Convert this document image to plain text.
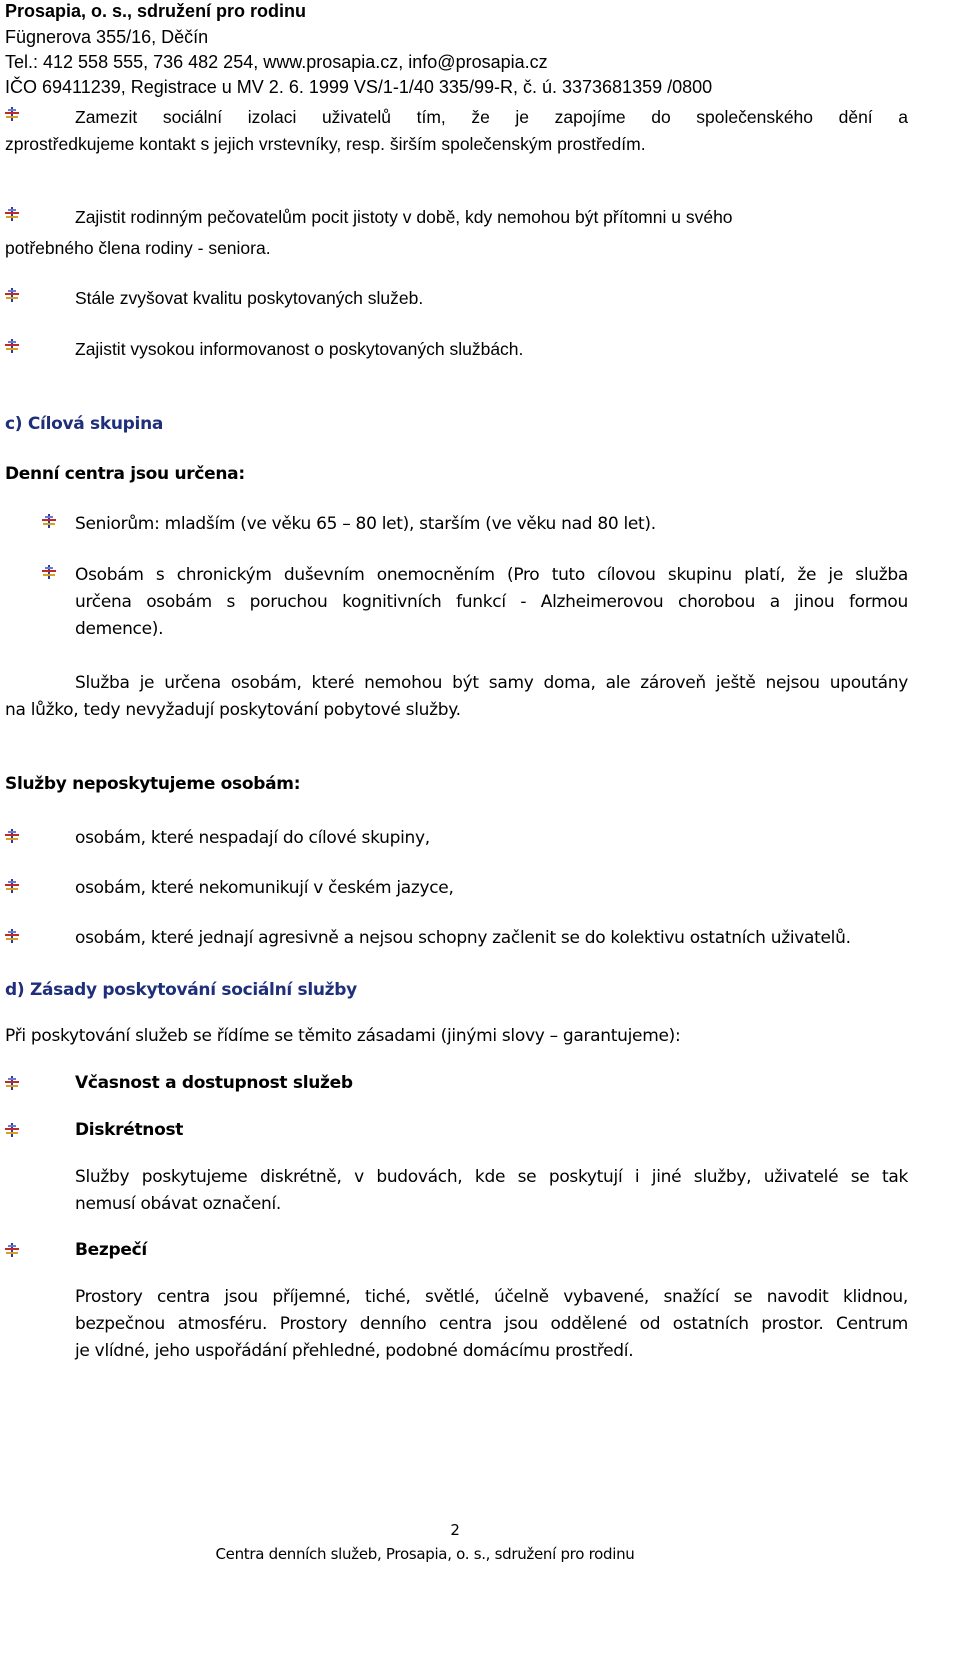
Prosapia, o. s., sdružení pro rodinu
Fügnerova 355/16, Děčín
Tel.: 412 558 555, 736 482 254, www.prosapia.cz, info@prosapia.cz
IČO 69411239, Registrace u MV 2. 6. 1999 VS/1-1/40 335/99-R, č. ú. 3373681359 /0800
Zamezit sociální izolaci uživatelů tím, že je zapojíme do společenského dění a
zprostředkujeme kontakt s jejich vrstevníky, resp. širším společenským prostředím.
Zajistit rodinným pečovatelům pocit jistoty v době, kdy nemohou být přítomni u svého
potřebného člena rodiny - seniora.
Stále zvyšovat kvalitu poskytovaných služeb.
Zajistit vysokou informovanost o poskytovaných službách.
c) Cílová skupina
Denní centra jsou určena:
Seniorům: mladším (ve věku 65 – 80 let), starším (ve věku nad 80 let).
Osobám s chronickým duševním onemocněním (Pro tuto cílovou skupinu platí, že je služba
určena osobám s poruchou kognitivních funkcí - Alzheimerovou chorobou a jinou formou
demence).
Služba je určena osobám, které nemohou být samy doma, ale zároveň ještě nejsou upoutány
na lůžko, tedy nevyžadují poskytování pobytové služby.
Služby neposkytujeme osobám:
osobám, které nespadají do cílové skupiny,
osobám, které nekomunikují v českém jazyce,
osobám, které jednají agresivně a nejsou schopny začlenit se do kolektivu ostatních uživatelů.
d) Zásady poskytování sociální služby
Při poskytování služeb se řídíme se těmito zásadami (jinými slovy – garantujeme):
Včasnost a dostupnost služeb
Diskrétnost
Služby poskytujeme diskrétně, v budovách, kde se poskytují i jiné služby, uživatelé se tak
nemusí obávat označení.
Bezpečí
Prostory centra jsou příjemné, tiché, světlé, účelně vybavené, snažící se navodit klidnou,
bezpečnou atmosféru. Prostory denního centra jsou oddělené od ostatních prostor. Centrum
je vlídné, jeho uspořádání přehledné, podobné domácímu prostředí.
2
Centra denních služeb, Prosapia, o. s., sdružení pro rodinu
